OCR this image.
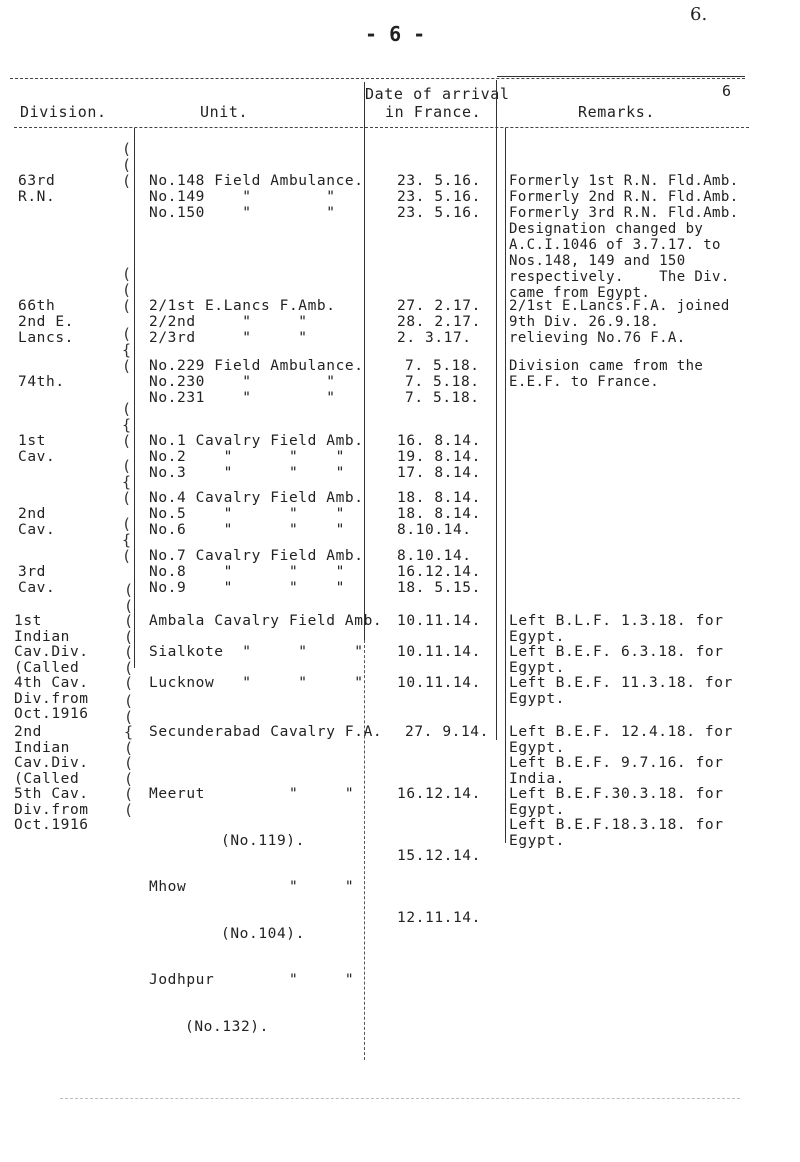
- 6 -
6.
6
Division.	Unit.
Date of arrival
in France.	Remarks.

63rd
R.N.

(
(
(

No.148 Field Ambulance.
No.149    "        "
No.150    "        "

23. 5.16.
23. 5.16.
23. 5.16.

Formerly 1st R.N. Fld.Amb.
Formerly 2nd R.N. Fld.Amb.
Formerly 3rd R.N. Fld.Amb.
Designation changed by
A.C.I.1046 of 3.7.17. to
Nos.148, 149 and 150
respectively.    The Div.
came from Egypt.

66th
2nd E.
Lancs.

(
(
(

2/1st E.Lancs F.Amb.
2/2nd     "     "
2/3rd     "     "

27. 2.17.
28. 2.17.
2. 3.17.

2/1st E.Lancs.F.A. joined
9th Div. 26.9.18.
relieving No.76 F.A.

74th.

(
{
(

No.229 Field Ambulance.
No.230    "        "
No.231    "        "

7. 5.18.
7. 5.18.
7. 5.18.

Division came from the
E.E.F. to France.

1st
Cav.

(
{
(

No.1 Cavalry Field Amb.
No.2    "      "    "
No.3    "      "    "

16. 8.14.
19. 8.14.
17. 8.14.

2nd
Cav.

(
{
(

No.4 Cavalry Field Amb.
No.5    "      "    "
No.6    "      "    "

18. 8.14.
18. 8.14.
8.10.14.

3rd
Cav.

(
{
(

No.7 Cavalry Field Amb.
No.8    "      "    "
No.9    "      "    "

8.10.14.
16.12.14.
18. 5.15.

1st
Indian
Cav.Div.
(Called
4th Cav.
Div.from
Oct.1916

(
(
(
(
(
(
(

Ambala Cavalry Field Amb.

Sialkote  "     "     "

Lucknow   "     "     "

10.11.14.

10.11.14.

10.11.14.

Left B.L.F. 1.3.18. for
Egypt.
Left B.E.F. 6.3.18. for
Egypt.
Left B.E.F. 11.3.18. for
Egypt.

2nd
Indian
Cav.Div.
(Called
5th Cav.
Div.from
Oct.1916

(
(
{
(
(
(
(
(

Secunderabad Cavalry F.A.

Meerut         "     "

(No.119).

Mhow           "     "

(No.104).

Jodhpur        "     "

(No.132).

27. 9.14.

16.12.14.

15.12.14.

12.11.14.

Left B.E.F. 12.4.18. for
Egypt.
Left B.E.F. 9.7.16. for
India.
Left B.E.F.30.3.18. for
Egypt.
Left B.E.F.18.3.18. for
Egypt.
